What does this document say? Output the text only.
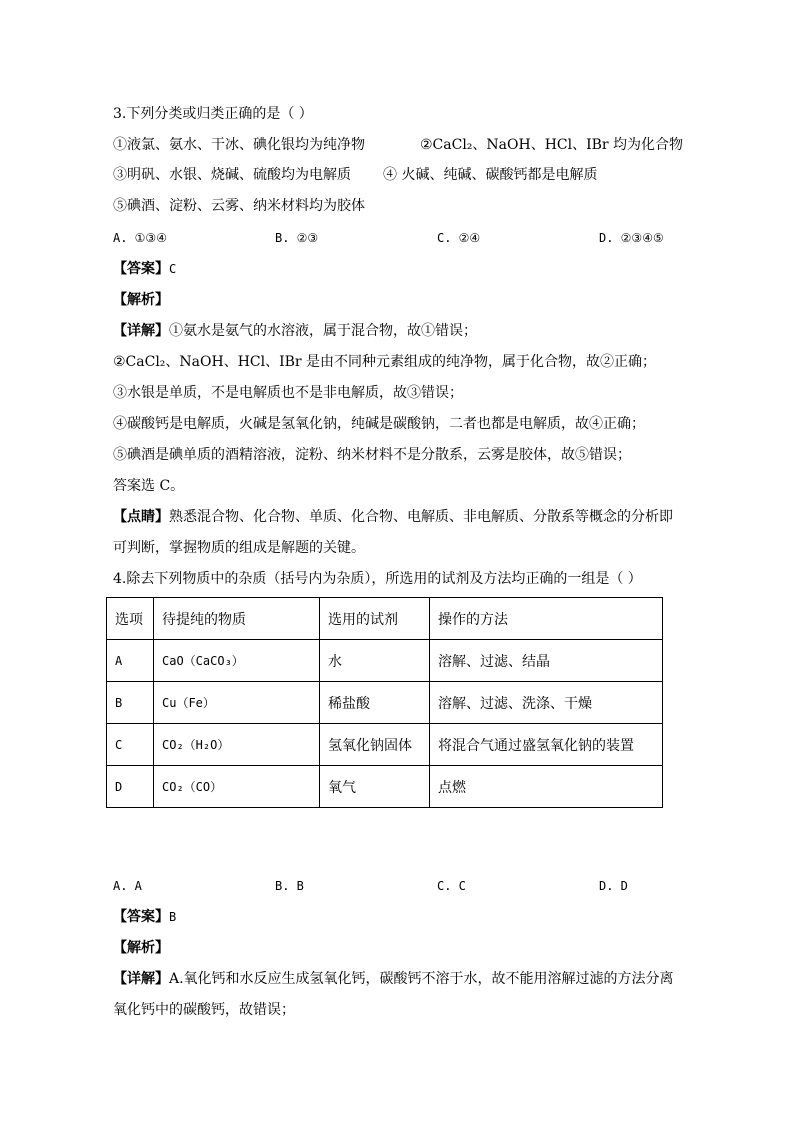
3.下列分类或归类正确的是（ ）
①液氯、氨水、干冰、碘化银均为纯净物	②CaCl₂、NaOH、HCl、IBr 均为化合物
③明矾、水银、烧碱、硫酸均为电解质 ④ 火碱、纯碱、碳酸钙都是电解质
⑤碘酒、淀粉、云雾、纳米材料均为胶体
A. ①③④	B. ②③	C. ②④	D. ②③④⑤
【答案】C
【解析】
【详解】①氨水是氨气的水溶液，属于混合物，故①错误；
②CaCl₂、NaOH、HCl、IBr 是由不同种元素组成的纯净物，属于化合物，故②正确；
③水银是单质，不是电解质也不是非电解质，故③错误；
④碳酸钙是电解质，火碱是氢氧化钠，纯碱是碳酸钠，二者也都是电解质，故④正确；
⑤碘酒是碘单质的酒精溶液，淀粉、纳米材料不是分散系，云雾是胶体，故⑤错误；
答案选 C。
【点睛】熟悉混合物、化合物、单质、化合物、电解质、非电解质、分散系等概念的分析即
可判断，掌握物质的组成是解题的关键。
4.除去下列物质中的杂质（括号内为杂质），所选用的试剂及方法均正确的一组是（ ）
选项	待提纯的物质	选用的试剂	操作的方法
A	CaO（CaCO₃）	水	溶解、过滤、结晶
B	Cu（Fe）	稀盐酸	溶解、过滤、洗涤、干燥
C	CO₂（H₂O）	氢氧化钠固体	将混合气通过盛氢氧化钠的装置
D	CO₂（CO）	氧气	点燃
A. A	B. B	C. C	D. D
【答案】B
【解析】
【详解】A.氧化钙和水反应生成氢氧化钙，碳酸钙不溶于水，故不能用溶解过滤的方法分离
氧化钙中的碳酸钙，故错误；
